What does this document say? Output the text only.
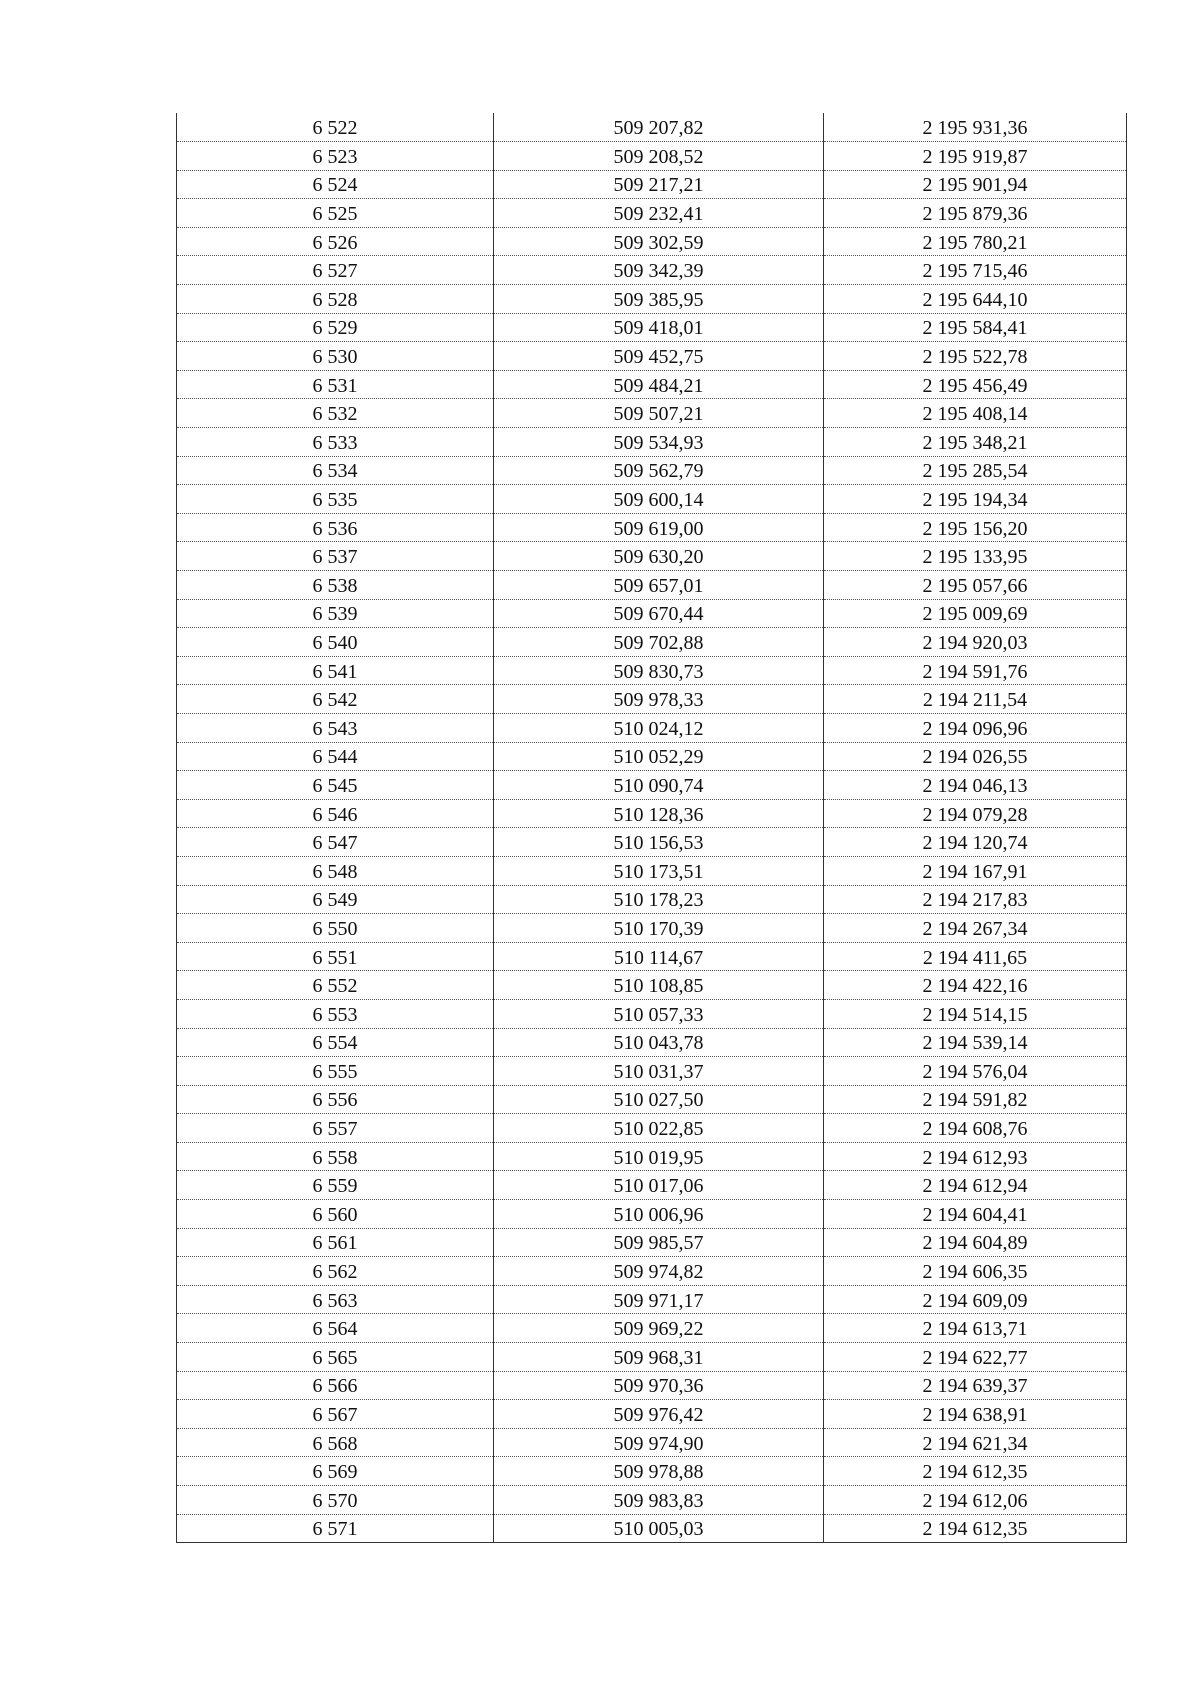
6 522	509 207,82	2 195 931,36
6 523	509 208,52	2 195 919,87
6 524	509 217,21	2 195 901,94
6 525	509 232,41	2 195 879,36
6 526	509 302,59	2 195 780,21
6 527	509 342,39	2 195 715,46
6 528	509 385,95	2 195 644,10
6 529	509 418,01	2 195 584,41
6 530	509 452,75	2 195 522,78
6 531	509 484,21	2 195 456,49
6 532	509 507,21	2 195 408,14
6 533	509 534,93	2 195 348,21
6 534	509 562,79	2 195 285,54
6 535	509 600,14	2 195 194,34
6 536	509 619,00	2 195 156,20
6 537	509 630,20	2 195 133,95
6 538	509 657,01	2 195 057,66
6 539	509 670,44	2 195 009,69
6 540	509 702,88	2 194 920,03
6 541	509 830,73	2 194 591,76
6 542	509 978,33	2 194 211,54
6 543	510 024,12	2 194 096,96
6 544	510 052,29	2 194 026,55
6 545	510 090,74	2 194 046,13
6 546	510 128,36	2 194 079,28
6 547	510 156,53	2 194 120,74
6 548	510 173,51	2 194 167,91
6 549	510 178,23	2 194 217,83
6 550	510 170,39	2 194 267,34
6 551	510 114,67	2 194 411,65
6 552	510 108,85	2 194 422,16
6 553	510 057,33	2 194 514,15
6 554	510 043,78	2 194 539,14
6 555	510 031,37	2 194 576,04
6 556	510 027,50	2 194 591,82
6 557	510 022,85	2 194 608,76
6 558	510 019,95	2 194 612,93
6 559	510 017,06	2 194 612,94
6 560	510 006,96	2 194 604,41
6 561	509 985,57	2 194 604,89
6 562	509 974,82	2 194 606,35
6 563	509 971,17	2 194 609,09
6 564	509 969,22	2 194 613,71
6 565	509 968,31	2 194 622,77
6 566	509 970,36	2 194 639,37
6 567	509 976,42	2 194 638,91
6 568	509 974,90	2 194 621,34
6 569	509 978,88	2 194 612,35
6 570	509 983,83	2 194 612,06
6 571	510 005,03	2 194 612,35
